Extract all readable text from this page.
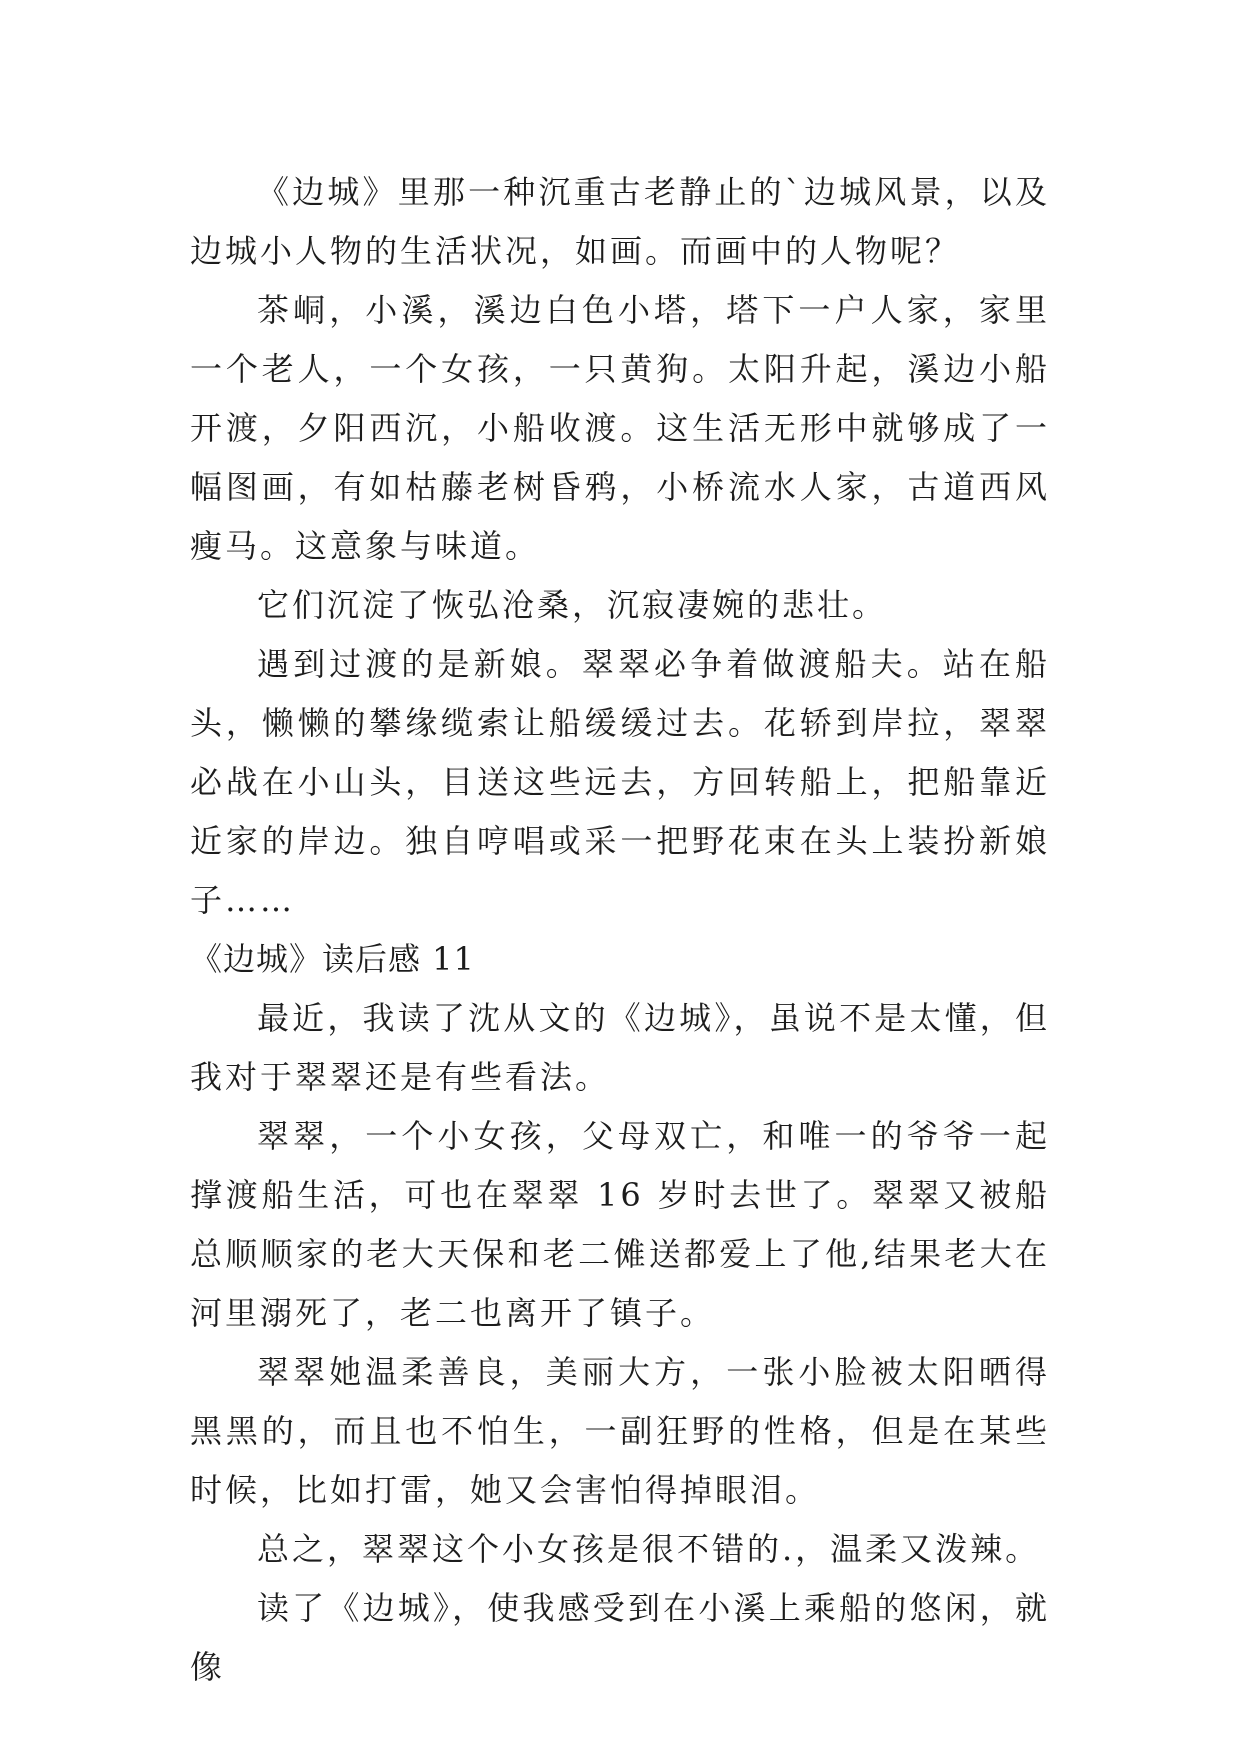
《边城》里那一种沉重古老静止的`边城风景，以及边城小人物的生活状况，如画。而画中的人物呢？

茶峒，小溪，溪边白色小塔，塔下一户人家，家里一个老人，一个女孩，一只黄狗。太阳升起，溪边小船开渡，夕阳西沉，小船收渡。这生活无形中就够成了一幅图画，有如枯藤老树昏鸦，小桥流水人家，古道西风瘦马。这意象与味道。

它们沉淀了恢弘沧桑，沉寂凄婉的悲壮。

遇到过渡的是新娘。翠翠必争着做渡船夫。站在船头，懒懒的攀缘缆索让船缓缓过去。花轿到岸拉，翠翠必战在小山头，目送这些远去，方回转船上，把船靠近近家的岸边。独自哼唱或采一把野花束在头上装扮新娘子……

《边城》读后感 11

最近，我读了沈从文的《边城》，虽说不是太懂，但我对于翠翠还是有些看法。

翠翠，一个小女孩，父母双亡，和唯一的爷爷一起撑渡船生活，可也在翠翠 16 岁时去世了。翠翠又被船总顺顺家的老大天保和老二傩送都爱上了他,结果老大在河里溺死了，老二也离开了镇子。

翠翠她温柔善良，美丽大方，一张小脸被太阳晒得黑黑的，而且也不怕生，一副狂野的性格，但是在某些时候，比如打雷，她又会害怕得掉眼泪。

总之，翠翠这个小女孩是很不错的.，温柔又泼辣。

读了《边城》，使我感受到在小溪上乘船的悠闲，就像
